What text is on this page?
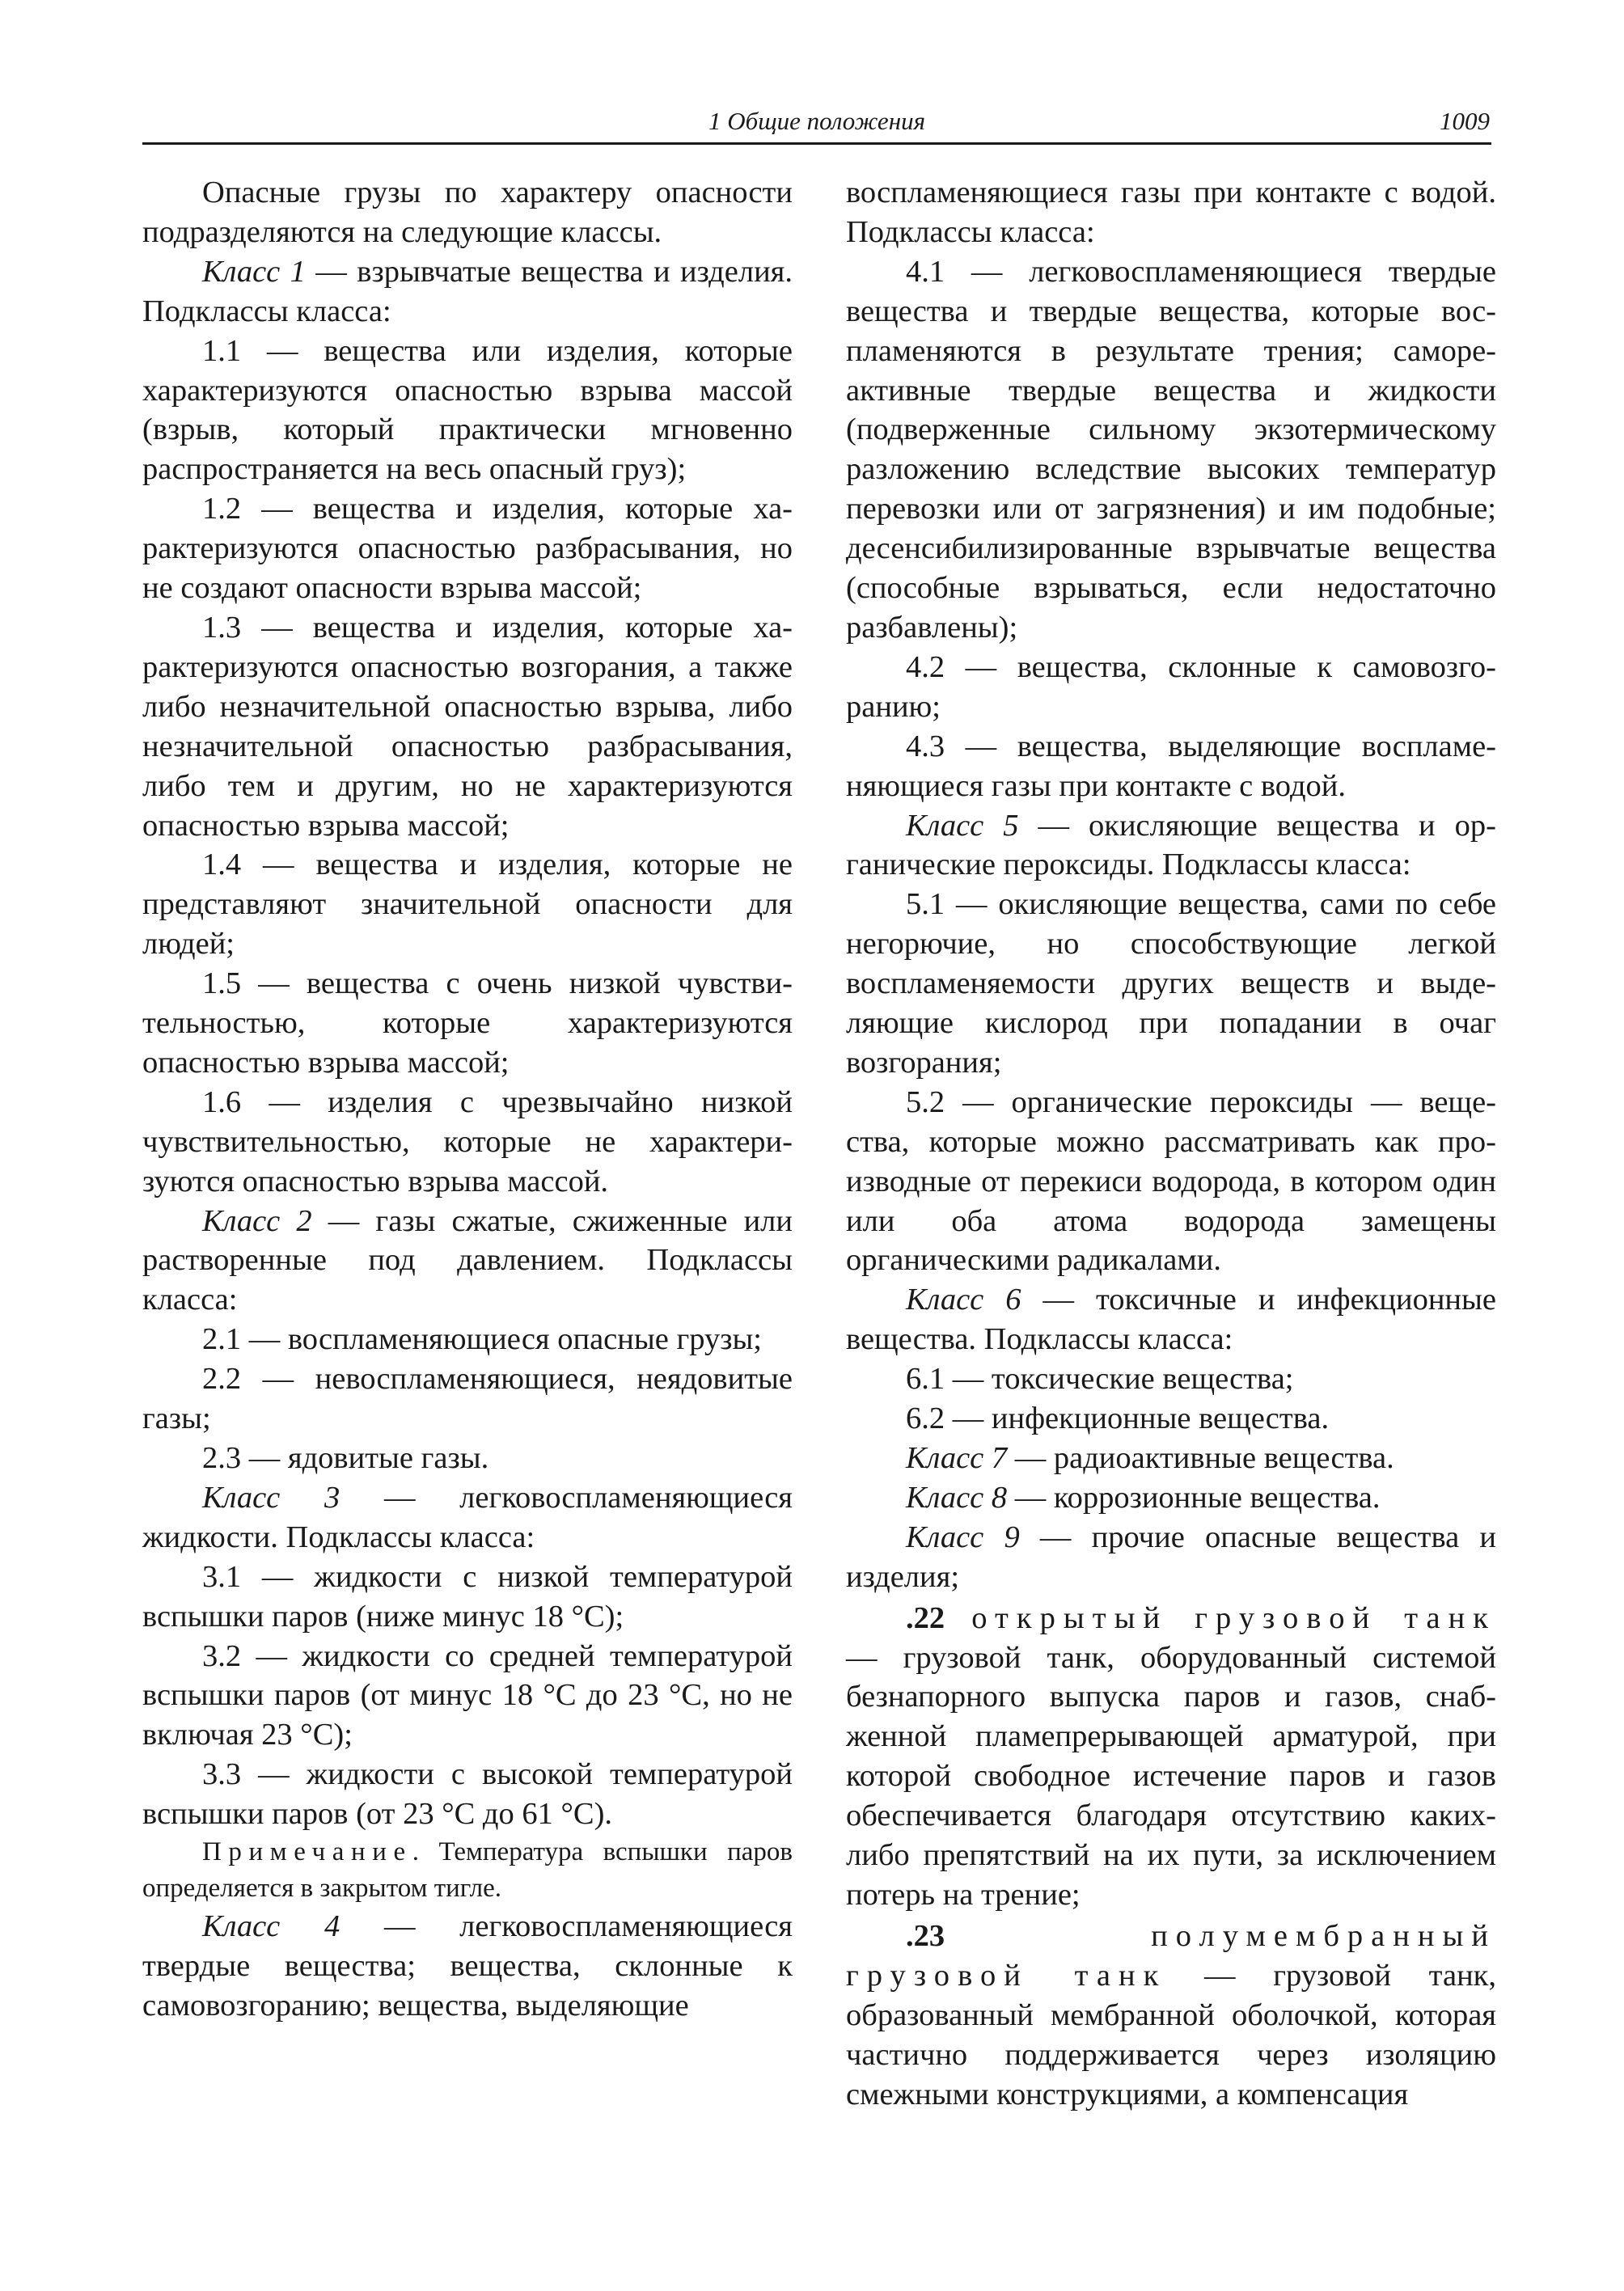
1 Общие положения	1009

Опасные грузы по характеру опасности подразделяются на следующие классы.

Класс 1 — взрывчатые вещества и изделия. Подклассы класса:

1.1 — вещества или изделия, которые характеризуются опасностью взрыва массой (взрыв, который практически мгновенно распространяется на весь опасный груз);

1.2 — вещества и изделия, которые характеризуются опасностью разбрасывания, но не создают опасности взрыва массой;

1.3 — вещества и изделия, которые характеризуются опасностью возгорания, а также либо незначительной опасностью взрыва, либо незначительной опасностью разбрасывания, либо тем и другим, но не характеризуются опасностью взрыва массой;

1.4 — вещества и изделия, которые не представляют значительной опасности для людей;

1.5 — вещества с очень низкой чувствительностью, которые характеризуются опасностью взрыва массой;

1.6 — изделия с чрезвычайно низкой чувствительностью, которые не характеризуются опасностью взрыва массой.

Класс 2 — газы сжатые, сжиженные или растворенные под давлением. Подклассы класса:

2.1 — воспламеняющиеся опасные грузы;

2.2 — невоспламеняющиеся, неядовитые газы;

2.3 — ядовитые газы.

Класс 3 — легковоспламеняющиеся жидкости. Подклассы класса:

3.1 — жидкости с низкой температурой вспышки паров (ниже минус 18 °С);

3.2 — жидкости со средней температурой вспышки паров (от минус 18 °С до 23 °С, но не включая 23 °С);

3.3 — жидкости с высокой температурой вспышки паров (от 23 °С до 61 °С).

Примечание. Температура вспышки паров определяется в закрытом тигле.

Класс 4 — легковоспламеняющиеся твердые вещества; вещества, склонные к самовозгоранию; вещества, выделяющие

воспламеняющиеся газы при контакте с водой. Подклассы класса:

4.1 — легковоспламеняющиеся твердые вещества и твердые вещества, которые воспламеняются в результате трения; самореактивные твердые вещества и жидкости (подверженные сильному экзотермическому разложению вследствие высоких температур перевозки или от загрязнения) и им подобные; десенсибилизированные взрывчатые вещества (способные взрываться, если недостаточно разбавлены);

4.2 — вещества, склонные к самовозгоранию;

4.3 — вещества, выделяющие воспламеняющиеся газы при контакте с водой.

Класс 5 — окисляющие вещества и органические пероксиды. Подклассы класса:

5.1 — окисляющие вещества, сами по себе негорючие, но способствующие легкой воспламеняемости других веществ и выделяющие кислород при попадании в очаг возгорания;

5.2 — органические пероксиды — вещества, которые можно рассматривать как производные от перекиси водорода, в котором один или оба атома водорода замещены органическими радикалами.

Класс 6 — токсичные и инфекционные вещества. Подклассы класса:

6.1 — токсические вещества;

6.2 — инфекционные вещества.

Класс 7 — радиоактивные вещества.

Класс 8 — коррозионные вещества.

Класс 9 — прочие опасные вещества и изделия;

.22 открытый грузовой танк — грузовой танк, оборудованный системой безнапорного выпуска паров и газов, снабженной пламепрерывающей арматурой, при которой свободное истечение паров и газов обеспечивается благодаря отсутствию каких-либо препятствий на их пути, за исключением потерь на трение;

.23 полумембранный грузовой танк — грузовой танк, образованный мембранной оболочкой, которая частично поддерживается через изоляцию смежными конструкциями, а компенсация
